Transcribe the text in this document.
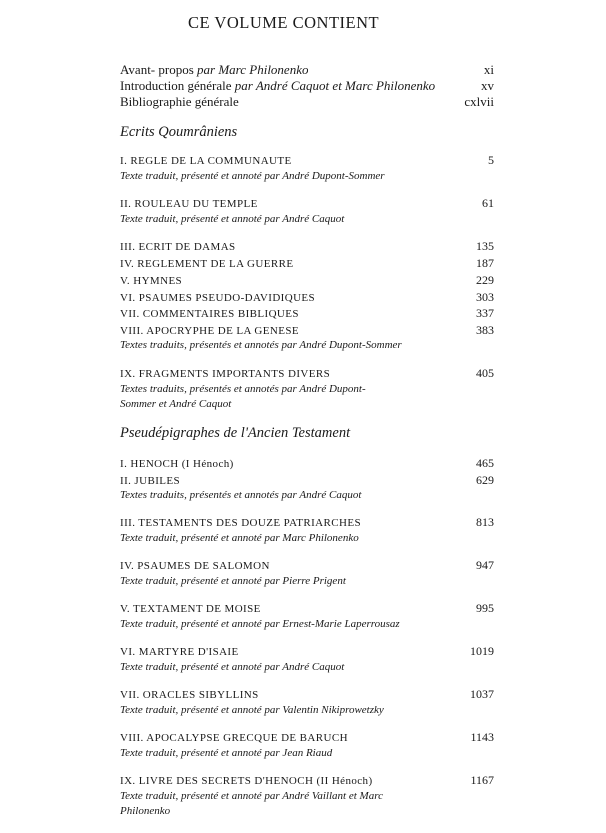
CE VOLUME CONTIENT
Avant- propos par Marc Philonenko	xi
Introduction générale par André Caquot et Marc Philonenko	xv
Bibliographie générale	cxlvii
Ecrits Qoumrâniens
I. REGLE DE LA COMMUNAUTE	5
Texte traduit, présenté et annoté par André Dupont-Sommer
II. ROULEAU DU TEMPLE	61
Texte traduit, présenté et annoté par André Caquot
III. ECRIT DE DAMAS	135
IV. REGLEMENT DE LA GUERRE	187
V. HYMNES	229
VI. PSAUMES PSEUDO-DAVIDIQUES	303
VII. COMMENTAIRES BIBLIQUES	337
VIII. APOCRYPHE DE LA GENESE	383
Textes traduits, présentés et annotés par André Dupont-Sommer
IX. FRAGMENTS IMPORTANTS DIVERS	405
Textes traduits, présentés et annotés par André Dupont-Sommer et André Caquot
Pseudépigraphes de l'Ancien Testament
I. HENOCH (I Hénoch)	465
II. JUBILES	629
Textes traduits, présentés et annotés par André Caquot
III. TESTAMENTS DES DOUZE PATRIARCHES	813
Texte traduit, présenté et annoté par Marc Philonenko
IV. PSAUMES DE SALOMON	947
Texte traduit, présenté et annoté par Pierre Prigent
V. TEXTAMENT DE MOISE	995
Texte traduit, présenté et annoté par Ernest-Marie Laperrousaz
VI. MARTYRE D'ISAIE	1019
Texte traduit, présenté et annoté par André Caquot
VII. ORACLES SIBYLLINS	1037
Texte traduit, présenté et annoté par Valentin Nikiprowetzky
VIII. APOCALYPSE GRECQUE DE BARUCH	1143
Texte traduit, présenté et annoté par Jean Riaud
IX. LIVRE DES SECRETS D'HENOCH (II Hénoch)	1167
Texte traduit, présenté et annoté par André Vaillant et Marc Philonenko
